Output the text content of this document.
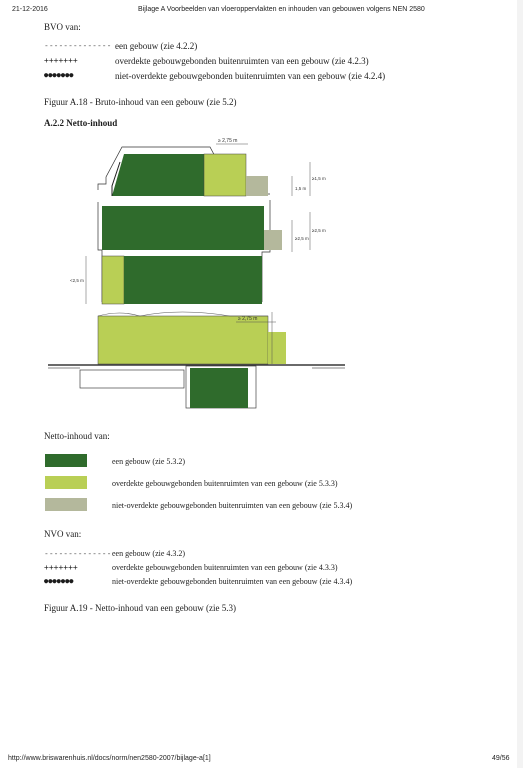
21-12-2016	Bijlage A Voorbeelden van vloeroppervlakten en inhouden van gebouwen volgens NEN 2580
BVO van:
-------------- een gebouw (zie 4.2.2)
+++++++	overdekte gebouwgebonden buitenruimten van een gebouw (zie 4.2.3)
●●●●●●●	niet-overdekte gebouwgebonden buitenruimten van een gebouw (zie 4.2.4)
Figuur A.18 - Bruto-inhoud van een gebouw (zie 5.2)
A.2.2 Netto-inhoud
≥ 2,75 m
≥ 2,75 m
1,5 m
≥1,5 m
≥2,5 m
≥2,5 m
<2,5 m
Netto-inhoud van:
een gebouw (zie 5.3.2)
overdekte gebouwgebonden buitenruimten van een gebouw (zie 5.3.3)
niet-overdekte gebouwgebonden buitenruimten van een gebouw (zie 5.3.4)
NVO van:
-------------- een gebouw (zie 4.3.2)
+++++++	overdekte gebouwgebonden buitenruimten van een gebouw (zie 4.3.3)
●●●●●●●	niet-overdekte gebouwgebonden buitenruimten van een gebouw (zie 4.3.4)
Figuur A.19 - Netto-inhoud van een gebouw (zie 5.3)
http://www.briswarenhuis.nl/docs/norm/nen2580-2007/bijlage-a[1]	49/56
